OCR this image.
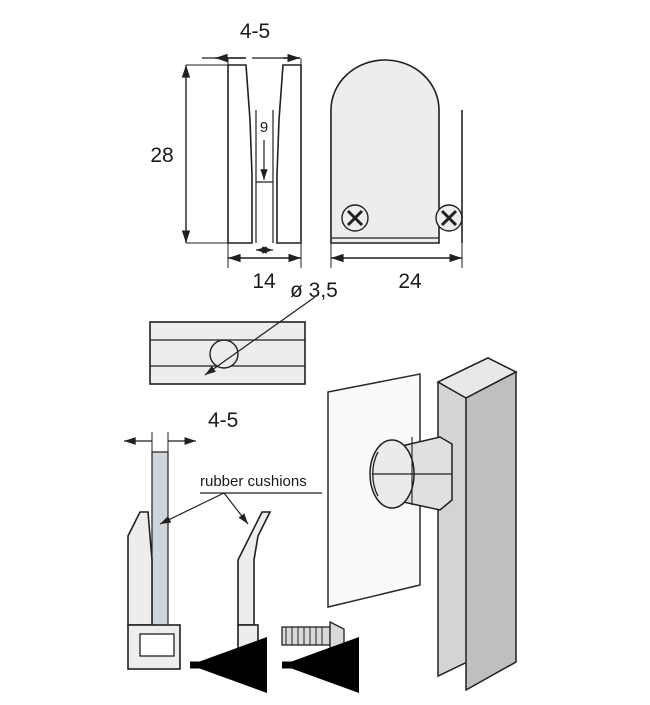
4-5
28
9
14	24
ø 3,5
4-5
rubber cushions
